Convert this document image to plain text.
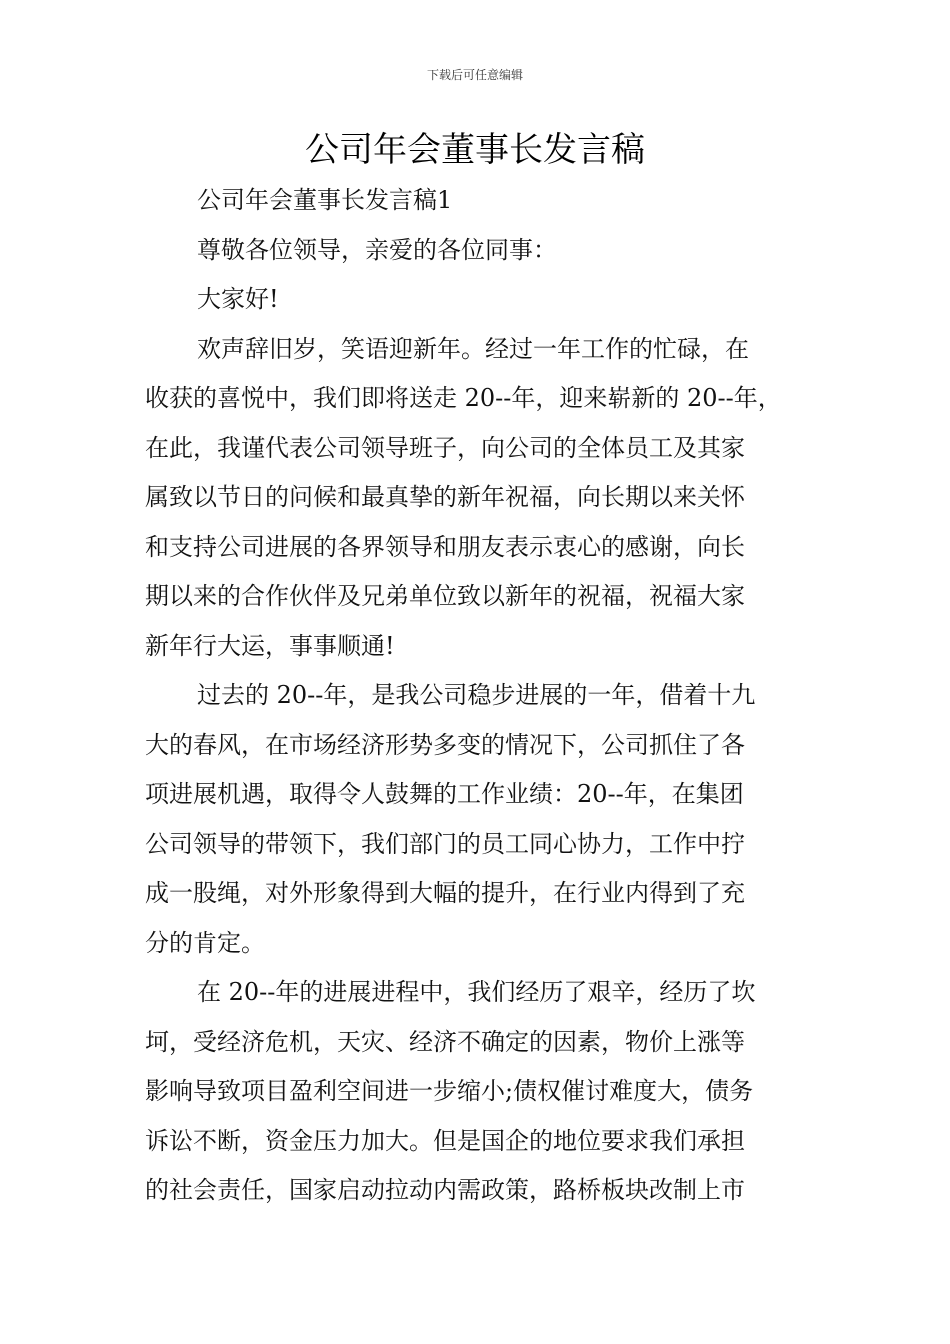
下载后可任意编辑
公司年会董事长发言稿
公司年会董事长发言稿1
尊敬各位领导，亲爱的各位同事：
大家好!
欢声辞旧岁，笑语迎新年。经过一年工作的忙碌，在
收获的喜悦中，我们即将送走 20--年，迎来崭新的 20--年，
在此，我谨代表公司领导班子，向公司的全体员工及其家
属致以节日的问候和最真挚的新年祝福，向长期以来关怀
和支持公司进展的各界领导和朋友表示衷心的感谢，向长
期以来的合作伙伴及兄弟单位致以新年的祝福，祝福大家
新年行大运，事事顺通!
过去的 20--年，是我公司稳步进展的一年，借着十九
大的春风，在市场经济形势多变的情况下，公司抓住了各
项进展机遇，取得令人鼓舞的工作业绩：20--年，在集团
公司领导的带领下，我们部门的员工同心协力，工作中拧
成一股绳，对外形象得到大幅的提升，在行业内得到了充
分的肯定。
在 20--年的进展进程中，我们经历了艰辛，经历了坎
坷，受经济危机，天灾、经济不确定的因素，物价上涨等
影响导致项目盈利空间进一步缩小;债权催讨难度大，债务
诉讼不断，资金压力加大。但是国企的地位要求我们承担
的社会责任，国家启动拉动内需政策，路桥板块改制上市
